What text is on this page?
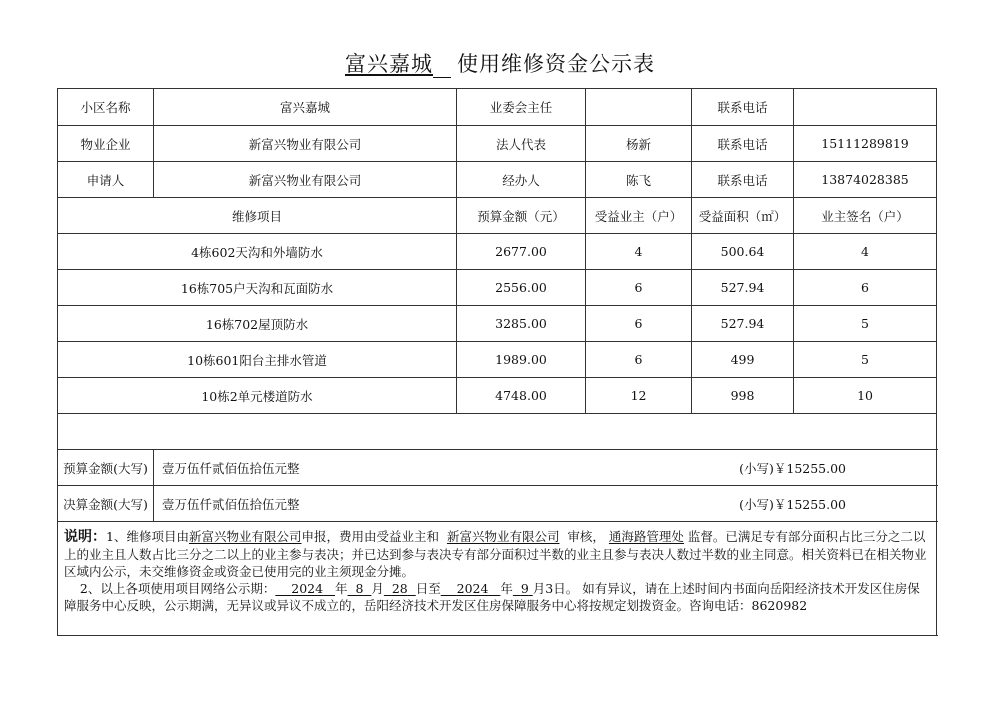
富兴嘉城 使用维修资金公示表
小区名称	富兴嘉城	业委会主任		联系电话		
物业企业	新富兴物业有限公司	法人代表	杨新	联系电话	15111289819	
申请人	新富兴物业有限公司	经办人	陈飞	联系电话	13874028385	
维修项目		预算金额（元）	受益业主（户）	受益面积（㎡）	业主签名（户）	
4栋602天沟和外墙防水		2677.00	4	500.64	4	
16栋705户天沟和瓦面防水		2556.00	6	527.94	6	
16栋702屋顶防水		3285.00	6	527.94	5	
10栋601阳台主排水管道		1989.00	6	499	5	
10栋2单元楼道防水		4748.00	12	998	10	

预算金额(大写)	壹万伍仟贰佰伍拾伍元整 (小写)￥15255.00					

决算金额(大写)	壹万伍仟贰佰伍拾伍元整 (小写)￥15255.00					

说明：1、维修项目由新富兴物业有限公司申报，费用由受益业主和 新富兴物业有限公司 审核， 通海路管理处 监督。已满足专有部分面积占比三分之二以上的业主且人数占比三分之二以上的业主参与表决；并已达到参与表决专有部分面积过半数的业主且参与表决人数过半数的业主同意。相关资料已在相关物业区域内公示，未交维修资金或资金已使用完的业主须现金分摊。
2、以上各项使用项目网络公示期： 2024 年 8 月 28 日至 2024 年 9 月3日。 如有异议，请在上述时间内书面向岳阳经济技术开发区住房保障服务中心反映，公示期满，无异议或异议不成立的，岳阳经济技术开发区住房保障服务中心将按规定划拨资金。咨询电话：8620982						
